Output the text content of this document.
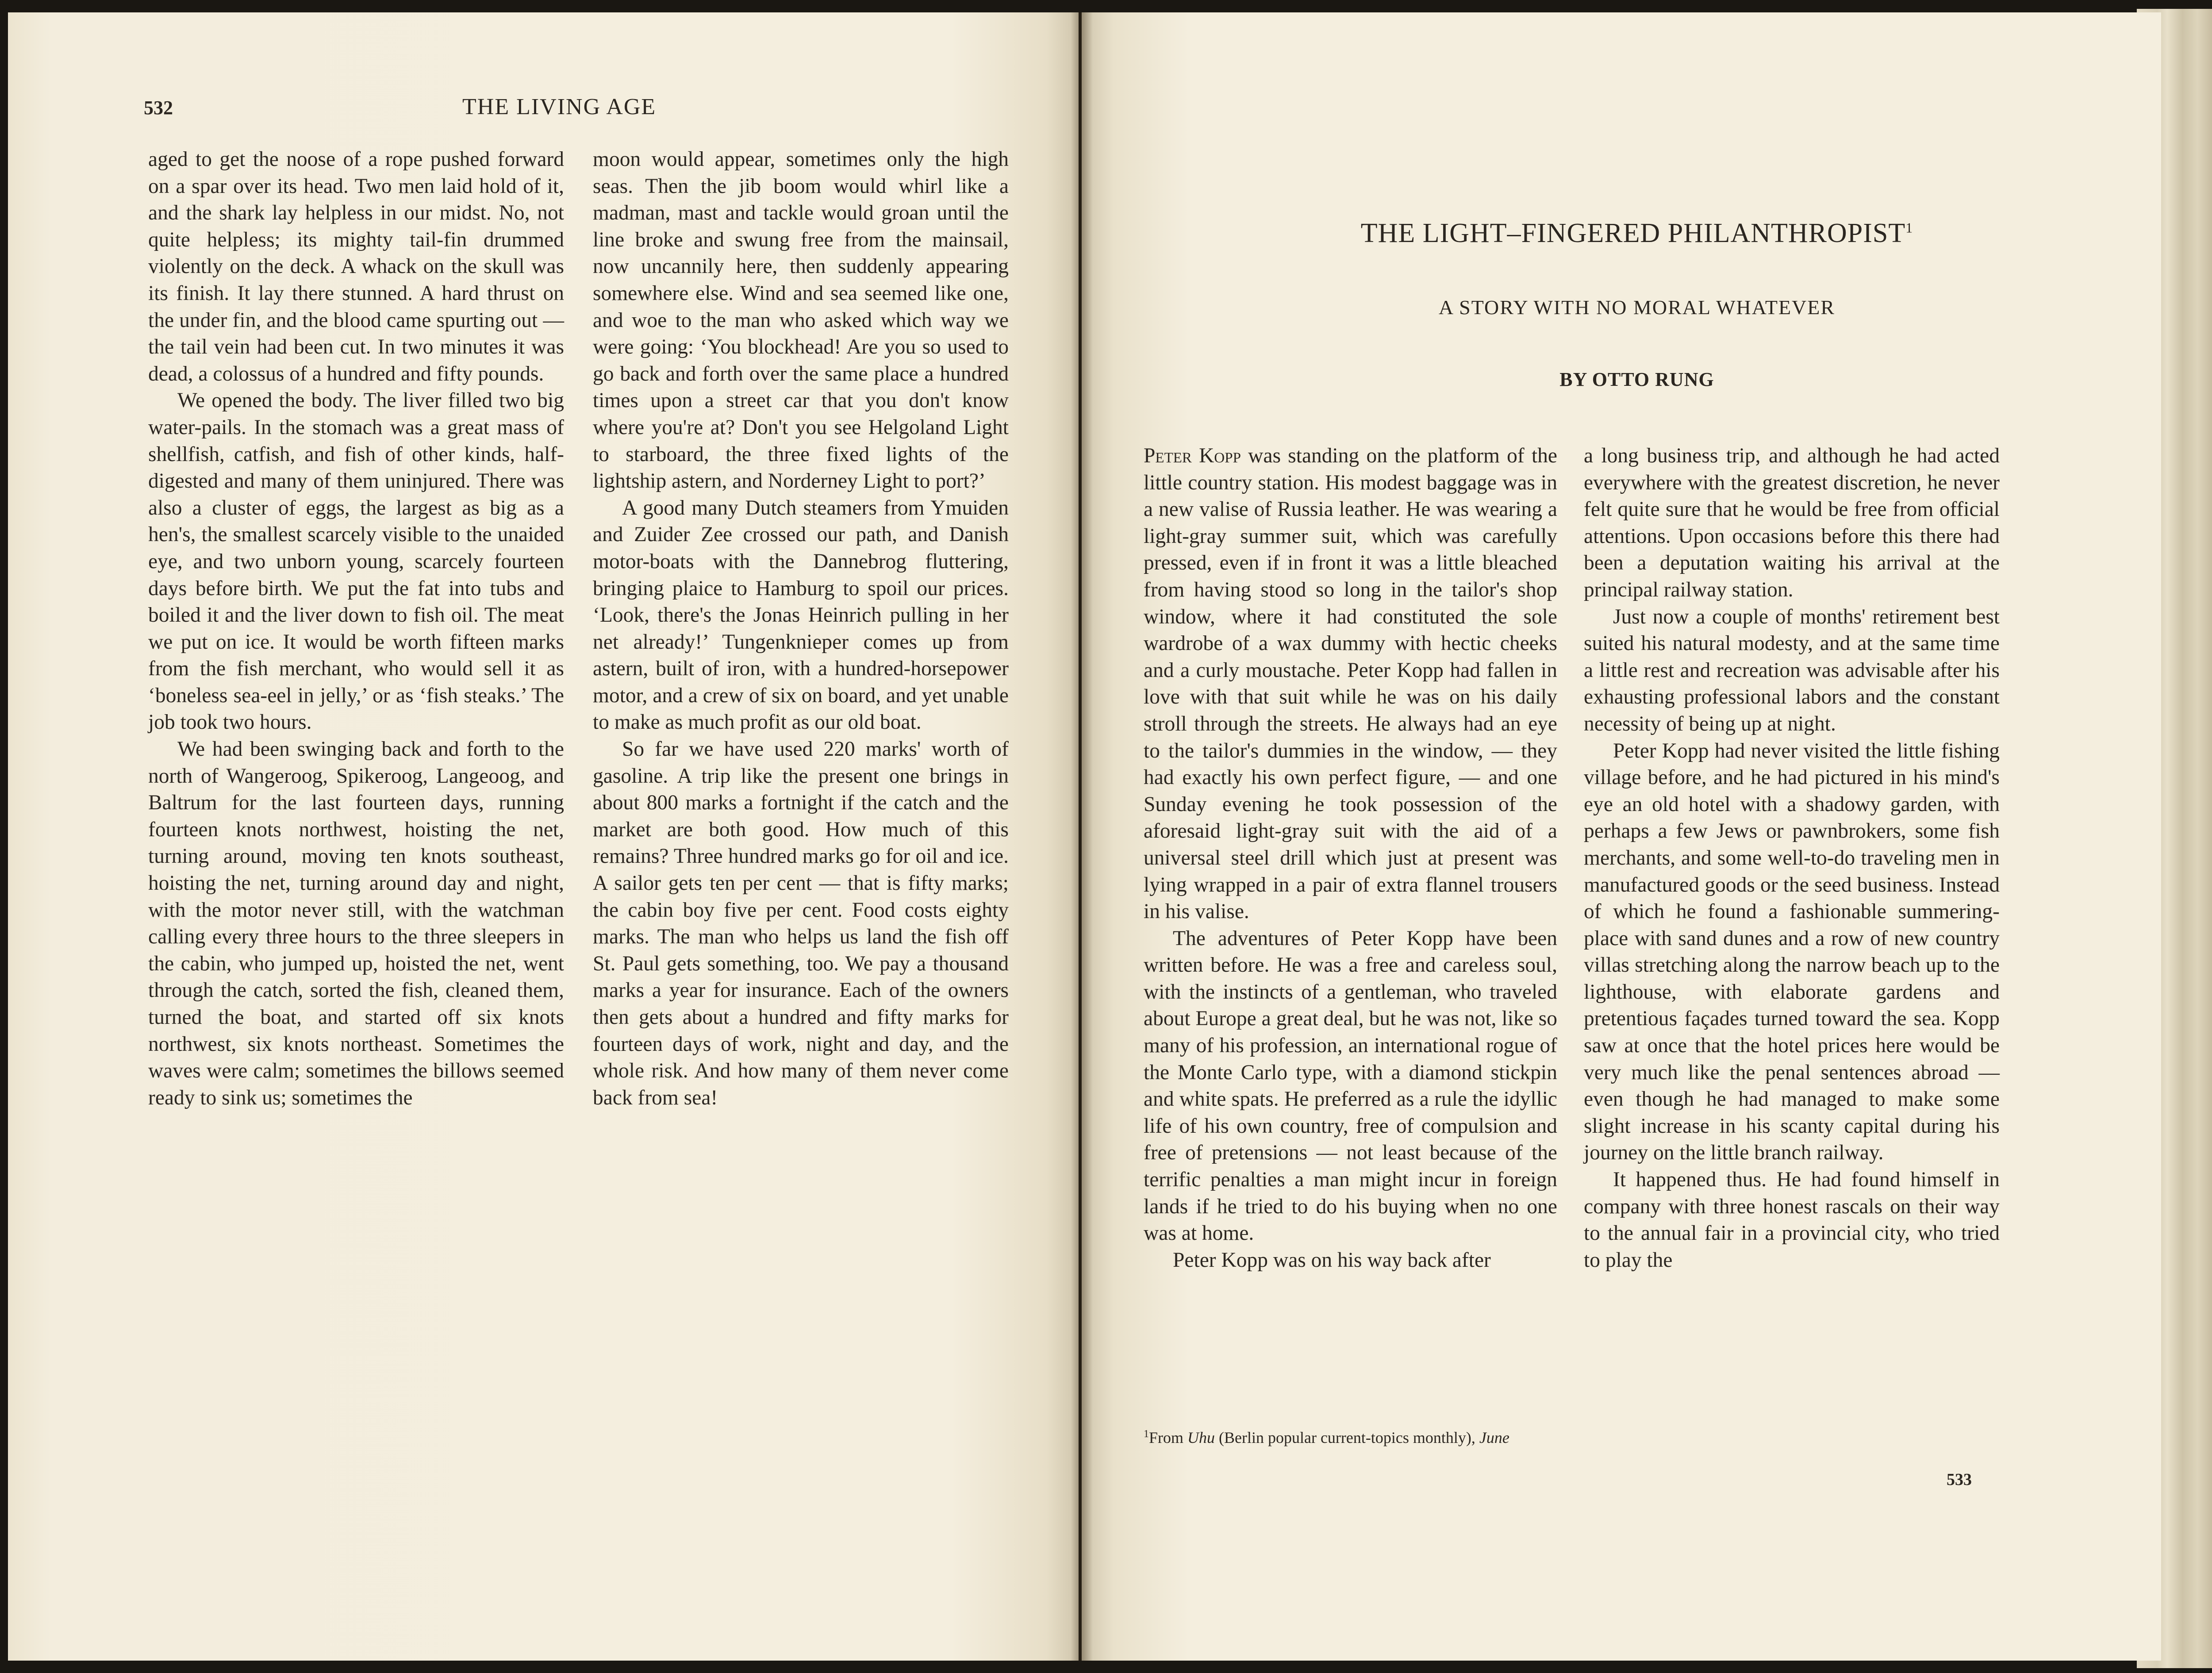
532	THE LIVING AGE

aged to get the noose of a rope pushed forward on a spar over its head. Two men laid hold of it, and the shark lay helpless in our midst. No, not quite helpless; its mighty tail-fin drummed violently on the deck. A whack on the skull was its finish. It lay there stunned. A hard thrust on the under fin, and the blood came spurting out — the tail vein had been cut. In two minutes it was dead, a colossus of a hundred and fifty pounds.

We opened the body. The liver filled two big water-pails. In the stomach was a great mass of shellfish, catfish, and fish of other kinds, half-digested and many of them uninjured. There was also a cluster of eggs, the largest as big as a hen's, the smallest scarcely visible to the unaided eye, and two unborn young, scarcely fourteen days before birth. We put the fat into tubs and boiled it and the liver down to fish oil. The meat we put on ice. It would be worth fifteen marks from the fish merchant, who would sell it as ‘boneless sea-eel in jelly,’ or as ‘fish steaks.’ The job took two hours.

We had been swinging back and forth to the north of Wangeroog, Spikeroog, Langeoog, and Baltrum for the last fourteen days, running fourteen knots northwest, hoisting the net, turning around, moving ten knots southeast, hoisting the net, turning around day and night, with the motor never still, with the watchman calling every three hours to the three sleepers in the cabin, who jumped up, hoisted the net, went through the catch, sorted the fish, cleaned them, turned the boat, and started off six knots northwest, six knots northeast. Sometimes the waves were calm; sometimes the billows seemed ready to sink us; sometimes the

moon would appear, sometimes only the high seas. Then the jib boom would whirl like a madman, mast and tackle would groan until the line broke and swung free from the mainsail, now uncannily here, then suddenly appearing somewhere else. Wind and sea seemed like one, and woe to the man who asked which way we were going: ‘You blockhead! Are you so used to go back and forth over the same place a hundred times upon a street car that you don't know where you're at? Don't you see Helgoland Light to starboard, the three fixed lights of the lightship astern, and Norderney Light to port?’

A good many Dutch steamers from Ymuiden and Zuider Zee crossed our path, and Danish motor-boats with the Dannebrog fluttering, bringing plaice to Hamburg to spoil our prices. ‘Look, there's the Jonas Heinrich pulling in her net already!’ Tungenknieper comes up from astern, built of iron, with a hundred-horsepower motor, and a crew of six on board, and yet unable to make as much profit as our old boat.

So far we have used 220 marks' worth of gasoline. A trip like the present one brings in about 800 marks a fortnight if the catch and the market are both good. How much of this remains? Three hundred marks go for oil and ice. A sailor gets ten per cent — that is fifty marks; the cabin boy five per cent. Food costs eighty marks. The man who helps us land the fish off St. Paul gets something, too. We pay a thousand marks a year for insurance. Each of the owners then gets about a hundred and fifty marks for fourteen days of work, night and day, and the whole risk. And how many of them never come back from sea!

THE LIGHT–FINGERED PHILANTHROPIST$^1$
A STORY WITH NO MORAL WHATEVER
BY OTTO RUNG

Peter Kopp was standing on the platform of the little country station. His modest baggage was in a new valise of Russia leather. He was wearing a light-gray summer suit, which was carefully pressed, even if in front it was a little bleached from having stood so long in the tailor's shop window, where it had constituted the sole wardrobe of a wax dummy with hectic cheeks and a curly moustache. Peter Kopp had fallen in love with that suit while he was on his daily stroll through the streets. He always had an eye to the tailor's dummies in the window, — they had exactly his own perfect figure, — and one Sunday evening he took possession of the aforesaid light-gray suit with the aid of a universal steel drill which just at present was lying wrapped in a pair of extra flannel trousers in his valise.

The adventures of Peter Kopp have been written before. He was a free and careless soul, with the instincts of a gentleman, who traveled about Europe a great deal, but he was not, like so many of his profession, an international rogue of the Monte Carlo type, with a diamond stickpin and white spats. He preferred as a rule the idyllic life of his own country, free of compulsion and free of pretensions — not least because of the terrific penalties a man might incur in foreign lands if he tried to do his buying when no one was at home.

Peter Kopp was on his way back after

$^1$From Uhu (Berlin popular current-topics monthly), June

a long business trip, and although he had acted everywhere with the greatest discretion, he never felt quite sure that he would be free from official attentions. Upon occasions before this there had been a deputation waiting his arrival at the principal railway station.

Just now a couple of months' retirement best suited his natural modesty, and at the same time a little rest and recreation was advisable after his exhausting professional labors and the constant necessity of being up at night.

Peter Kopp had never visited the little fishing village before, and he had pictured in his mind's eye an old hotel with a shadowy garden, with perhaps a few Jews or pawnbrokers, some fish merchants, and some well-to-do traveling men in manufactured goods or the seed business. Instead of which he found a fashionable summering-place with sand dunes and a row of new country villas stretching along the narrow beach up to the lighthouse, with elaborate gardens and pretentious façades turned toward the sea. Kopp saw at once that the hotel prices here would be very much like the penal sentences abroad — even though he had managed to make some slight increase in his scanty capital during his journey on the little branch railway.

It happened thus. He had found himself in company with three honest rascals on their way to the annual fair in a provincial city, who tried to play the

533
